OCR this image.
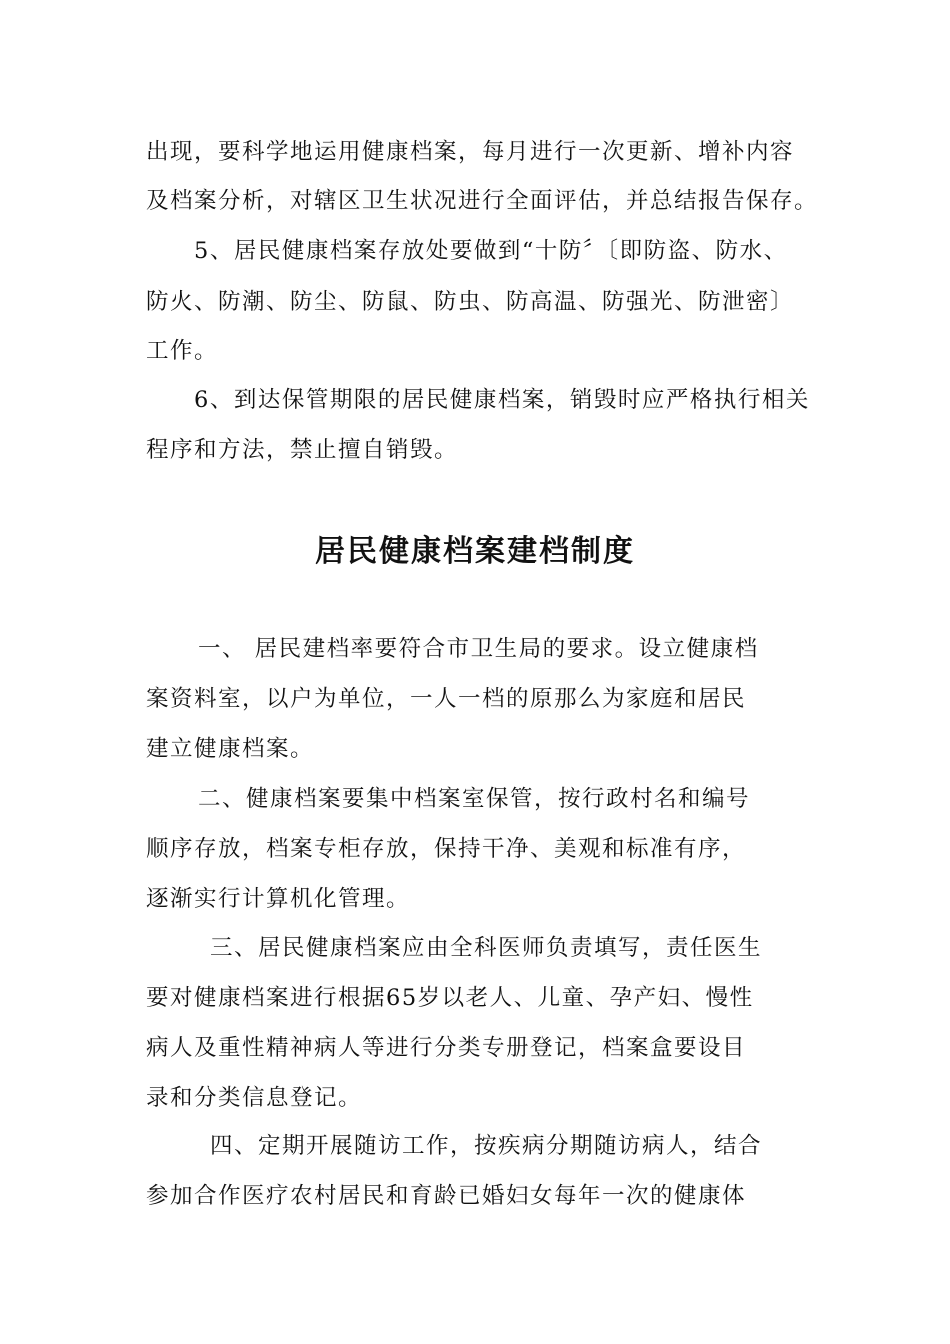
出现，要科学地运用健康档案，每月进行一次更新、增补内容
及档案分析，对辖区卫生状况进行全面评估，并总结报告保存。
5、居民健康档案存放处要做到“十防〞〔即防盗、防水、
防火、防潮、防尘、防鼠、防虫、防高温、防强光、防泄密〕
工作。
6、到达保管期限的居民健康档案，销毁时应严格执行相关
程序和方法，禁止擅自销毁。
居民健康档案建档制度
一、 居民建档率要符合市卫生局的要求。设立健康档
案资料室，以户为单位，一人一档的原那么为家庭和居民
建立健康档案。
二、健康档案要集中档案室保管，按行政村名和编号
顺序存放，档案专柜存放，保持干净、美观和标准有序，
逐渐实行计算机化管理。
三、居民健康档案应由全科医师负责填写，责任医生
要对健康档案进行根据65岁以老人、儿童、孕产妇、慢性
病人及重性精神病人等进行分类专册登记，档案盒要设目
录和分类信息登记。
四、定期开展随访工作，按疾病分期随访病人，结合
参加合作医疗农村居民和育龄已婚妇女每年一次的健康体
